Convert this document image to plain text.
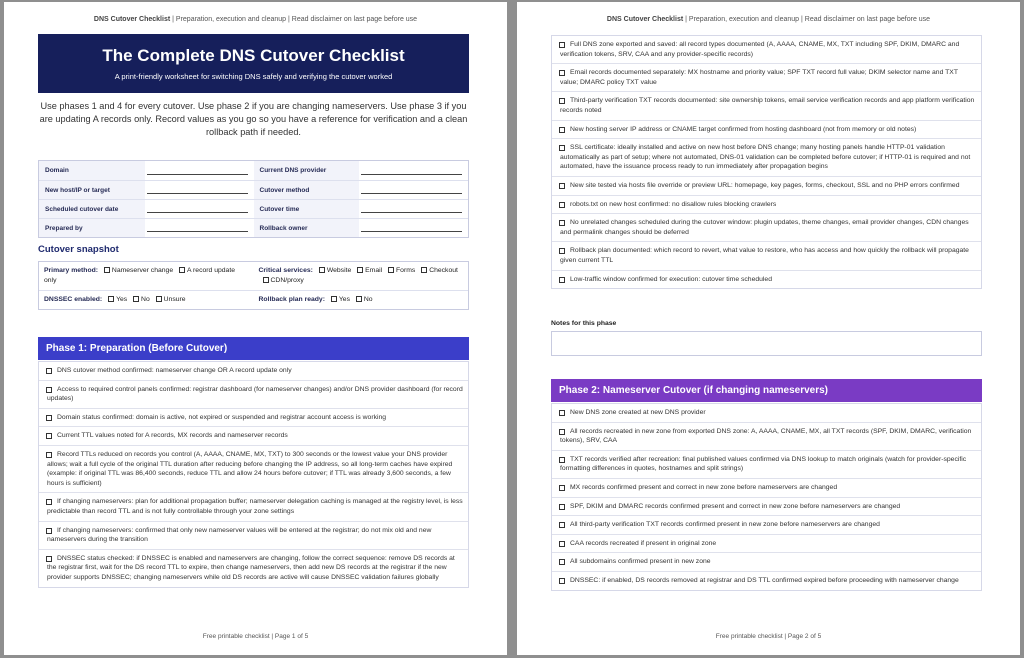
DNS Cutover Checklist | Preparation, execution and cleanup | Read disclaimer on last page before use
The Complete DNS Cutover Checklist
A print-friendly worksheet for switching DNS safely and verifying the cutover worked
Use phases 1 and 4 for every cutover. Use phase 2 if you are changing nameservers. Use phase 3 if you are updating A records only. Record values as you go so you have a reference for verification and a clean rollback path if needed.
Domain	Current DNS provider
New host/IP or target	Cutover method
Scheduled cutover date	Cutover time
Prepared by	Rollback owner
Cutover snapshot
Primary method: Nameserver change A record update only
Critical services: Website Email Forms Checkout CDN/proxy
DNSSEC enabled: Yes No Unsure	Rollback plan ready: Yes No
Phase 1: Preparation (Before Cutover)
DNS cutover method confirmed: nameserver change OR A record update only
Access to required control panels confirmed: registrar dashboard (for nameserver changes) and/or DNS provider dashboard (for record updates)
Domain status confirmed: domain is active, not expired or suspended and registrar account access is working
Current TTL values noted for A records, MX records and nameserver records
Record TTLs reduced on records you control (A, AAAA, CNAME, MX, TXT) to 300 seconds or the lowest value your DNS provider allows; wait a full cycle of the original TTL duration after reducing before changing the IP address, so all long-term caches have expired (example: if original TTL was 86,400 seconds, reduce TTL and allow 24 hours before cutover; if TTL was already 3,600 seconds, a few hours is sufficient)
If changing nameservers: plan for additional propagation buffer; nameserver delegation caching is managed at the registry level, is less predictable than record TTL and is not fully controllable through your zone settings
If changing nameservers: confirmed that only new nameserver values will be entered at the registrar; do not mix old and new nameservers during the transition
DNSSEC status checked: if DNSSEC is enabled and nameservers are changing, follow the correct sequence: remove DS records at the registrar first, wait for the DS record TTL to expire, then change nameservers, then add new DS records at the registrar if the new provider supports DNSSEC; changing nameservers while old DS records are active will cause DNSSEC validation failures globally
Free printable checklist | Page 1 of 5
DNS Cutover Checklist | Preparation, execution and cleanup | Read disclaimer on last page before use
Full DNS zone exported and saved: all record types documented (A, AAAA, CNAME, MX, TXT including SPF, DKIM, DMARC and verification tokens, SRV, CAA and any provider-specific records)
Email records documented separately: MX hostname and priority value; SPF TXT record full value; DKIM selector name and TXT value; DMARC policy TXT value
Third-party verification TXT records documented: site ownership tokens, email service verification records and app platform verification records noted
New hosting server IP address or CNAME target confirmed from hosting dashboard (not from memory or old notes)
SSL certificate: ideally installed and active on new host before DNS change; many hosting panels handle HTTP-01 validation automatically as part of setup; where not automated, DNS-01 validation can be completed before cutover; if HTTP-01 is required and not automated, have the issuance process ready to run immediately after propagation begins
New site tested via hosts file override or preview URL: homepage, key pages, forms, checkout, SSL and no PHP errors confirmed
robots.txt on new host confirmed: no disallow rules blocking crawlers
No unrelated changes scheduled during the cutover window: plugin updates, theme changes, email provider changes, CDN changes and permalink changes should be deferred
Rollback plan documented: which record to revert, what value to restore, who has access and how quickly the rollback will propagate given current TTL
Low-traffic window confirmed for execution: cutover time scheduled
Notes for this phase
Phase 2: Nameserver Cutover (if changing nameservers)
New DNS zone created at new DNS provider
All records recreated in new zone from exported DNS zone: A, AAAA, CNAME, MX, all TXT records (SPF, DKIM, DMARC, verification tokens), SRV, CAA
TXT records verified after recreation: final published values confirmed via DNS lookup to match originals (watch for provider-specific formatting differences in quotes, hostnames and split strings)
MX records confirmed present and correct in new zone before nameservers are changed
SPF, DKIM and DMARC records confirmed present and correct in new zone before nameservers are changed
All third-party verification TXT records confirmed present in new zone before nameservers are changed
CAA records recreated if present in original zone
All subdomains confirmed present in new zone
DNSSEC: if enabled, DS records removed at registrar and DS TTL confirmed expired before proceeding with nameserver change
Free printable checklist | Page 2 of 5
